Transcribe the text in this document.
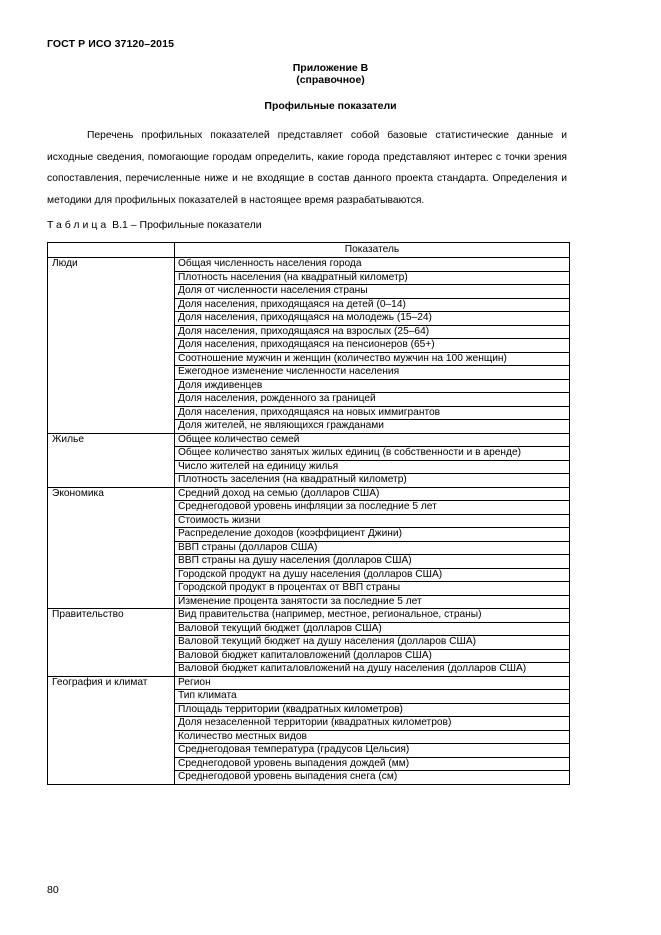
ГОСТ Р ИСО 37120–2015
Приложение В
(справочное)
Профильные показатели

Перечень профильных показателей представляет собой базовые статистические данные и исходные сведения, помогающие городам определить, какие города представляют интерес с точки зрения сопоставления, перечисленные ниже и не входящие в состав данного проекта стандарта. Определения и методики для профильных показателей в настоящее время разрабатываются.

Таблица В.1 – Профильные показатели
	Показатель
Люди	Общая численность населения города
	Плотность населения (на квадратный километр)
	Доля от численности населения страны
	Доля населения, приходящаяся на детей (0–14)
	Доля населения, приходящаяся на молодежь (15–24)
	Доля населения, приходящаяся на взрослых (25–64)
	Доля населения, приходящаяся на пенсионеров (65+)
	Соотношение мужчин и женщин (количество мужчин на 100 женщин)
	Ежегодное изменение численности населения
	Доля иждивенцев
	Доля населения, рожденного за границей
	Доля населения, приходящаяся на новых иммигрантов
	Доля жителей, не являющихся гражданами
Жилье	Общее количество семей
	Общее количество занятых жилых единиц (в собственности и в аренде)
	Число жителей на единицу жилья
	Плотность заселения (на квадратный километр)
Экономика	Средний доход на семью (долларов США)
	Среднегодовой уровень инфляции за последние 5 лет
	Стоимость жизни
	Распределение доходов (коэффициент Джини)
	ВВП страны (долларов США)
	ВВП страны на душу населения (долларов США)
	Городской продукт на душу населения (долларов США)
	Городской продукт в процентах от ВВП страны
	Изменение процента занятости за последние 5 лет
Правительство	Вид правительства (например, местное, региональное, страны)
	Валовой текущий бюджет (долларов США)
	Валовой текущий бюджет на душу населения (долларов США)
	Валовой бюджет капиталовложений (долларов США)
	Валовой бюджет капиталовложений на душу населения (долларов США)
География и климат	Регион
	Тип климата
	Площадь территории (квадратных километров)
	Доля незаселенной территории (квадратных километров)
	Количество местных видов
	Среднегодовая температура (градусов Цельсия)
	Среднегодовой уровень выпадения дождей (мм)
	Среднегодовой уровень выпадения снега (см)
80
